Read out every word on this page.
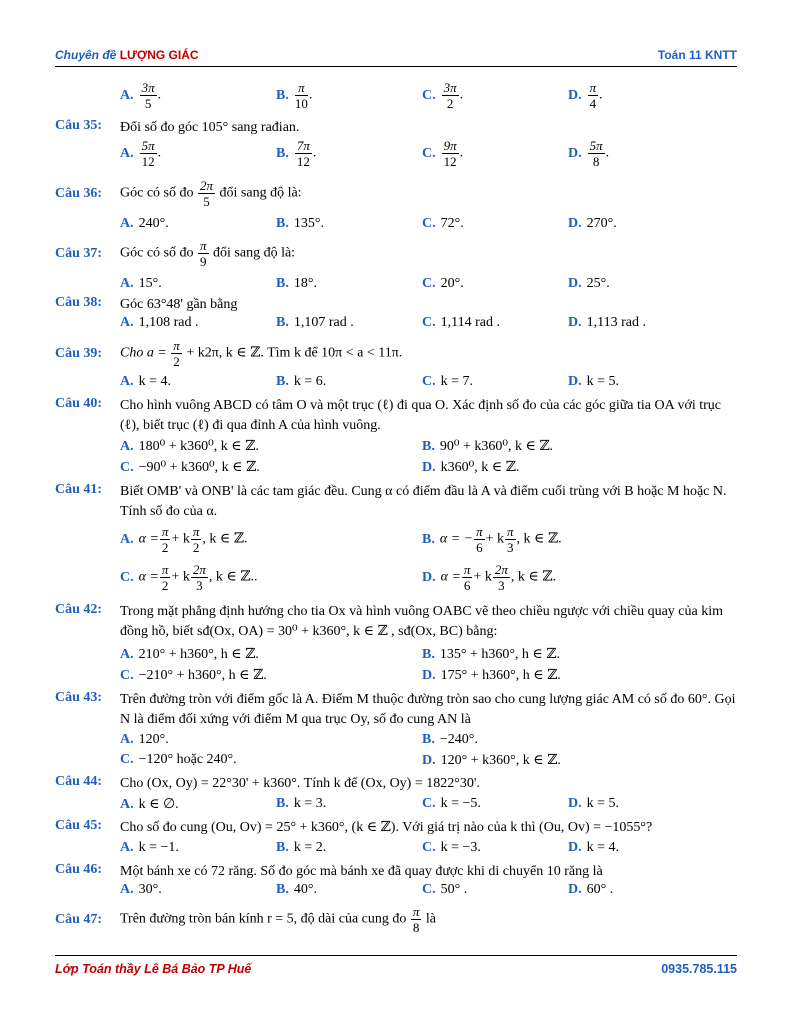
Chuyên đề LƯỢNG GIÁC	Toán 11 KNTT
A. $\frac{3\pi}{5}$ .	B. $\frac{\pi}{10}$ .	C. $\frac{3\pi}{2}$ .	D. $\frac{\pi}{4}$ .
Câu 35: Đổi số đo góc 105° sang rađian.
A. $\frac{5\pi}{12}$ .	B. $\frac{7\pi}{12}$ .	C. $\frac{9\pi}{12}$ .	D. $\frac{5\pi}{8}$ .
Câu 36: Góc có số đo $\frac{2\pi}{5}$ đổi sang độ là:
A. 240°.	B. 135°.	C. 72°.	D. 270°.
Câu 37: Góc có số đo $\frac{\pi}{9}$ đổi sang độ là:
A. 15°.	B. 18°.	C. 20°.	D. 25°.
Câu 38: Góc 63°48' gần bằng
A. 1,108 rad .	B. 1,107 rad .	C. 1,114 rad .	D. 1,113 rad .
Câu 39: Cho $a = \frac{\pi}{2} + k2\pi$, k ∈ ℤ. Tìm k để 10π < a < 11π.
A. k = 4.	B. k = 6.	C. k = 7.	D. k = 5.
Câu 40: Cho hình vuông ABCD có tâm O và một trục (ℓ) đi qua O. Xác định số đo của các góc giữa tia OA với trục (ℓ), biết trục (ℓ) đi qua đỉnh A của hình vuông.
A. 180⁰ + k360⁰, k ∈ ℤ.	B. 90⁰ + k360⁰, k ∈ ℤ.
C. −90⁰ + k360⁰, k ∈ ℤ.	D. k360⁰, k ∈ ℤ.
Câu 41: Biết OMB' và ONB' là các tam giác đều. Cung α có điểm đầu là A và điểm cuối trùng với B hoặc M hoặc N. Tính số đo của α.
A. $\alpha = \frac{\pi}{2} + k \frac{\pi}{2}$ , k ∈ ℤ.	B. α = − $\frac{\pi}{6} + k \frac{\pi}{3}$ , k ∈ ℤ.
C. $\alpha = \frac{\pi}{2} + k \frac{2\pi}{3}$ , k ∈ ℤ..	D. $\alpha = \frac{\pi}{6} + k \frac{2\pi}{3}$ , k ∈ ℤ.
Câu 42: Trong mặt phẳng định hướng cho tia Ox và hình vuông OABC vẽ theo chiều ngược với chiều quay của kim đồng hồ, biết sđ(Ox, OA) = 30⁰ + k360°, k ∈ ℤ , sđ(Ox, BC) bằng:
A. 210° + h360°, h ∈ ℤ.	B. 135° + h360°, h ∈ ℤ.
C. −210° + h360°, h ∈ ℤ.	D. 175° + h360°, h ∈ ℤ.
Câu 43: Trên đường tròn với điểm gốc là A. Điểm M thuộc đường tròn sao cho cung lượng giác AM có số đo 60°. Gọi N là điểm đối xứng với điểm M qua trục Oy, số đo cung AN là
A. 120°.	B. −240°.
C. −120° hoặc 240°.	D. 120° + k360°, k ∈ ℤ.
Câu 44: Cho (Ox, Oy) = 22°30' + k360°. Tính k để (Ox, Oy) = 1822°30'.
A. k ∈ ∅.	B. k = 3.	C. k = −5.	D. k = 5.
Câu 45: Cho số đo cung (Ou, Ov) = 25° + k360°, (k ∈ ℤ). Với giá trị nào của k thì (Ou, Ov) = −1055°?
A. k = −1.	B. k = 2.	C. k = −3.	D. k = 4.
Câu 46: Một bánh xe có 72 răng. Số đo góc mà bánh xe đã quay được khi di chuyển 10 răng là
A. 30°.	B. 40°.	C. 50° .	D. 60° .
Câu 47: Trên đường tròn bán kính r = 5, độ dài của cung đo $\frac{\pi}{8}$ là
Lớp Toán thầy Lê Bá Bảo TP Huế	0935.785.115
